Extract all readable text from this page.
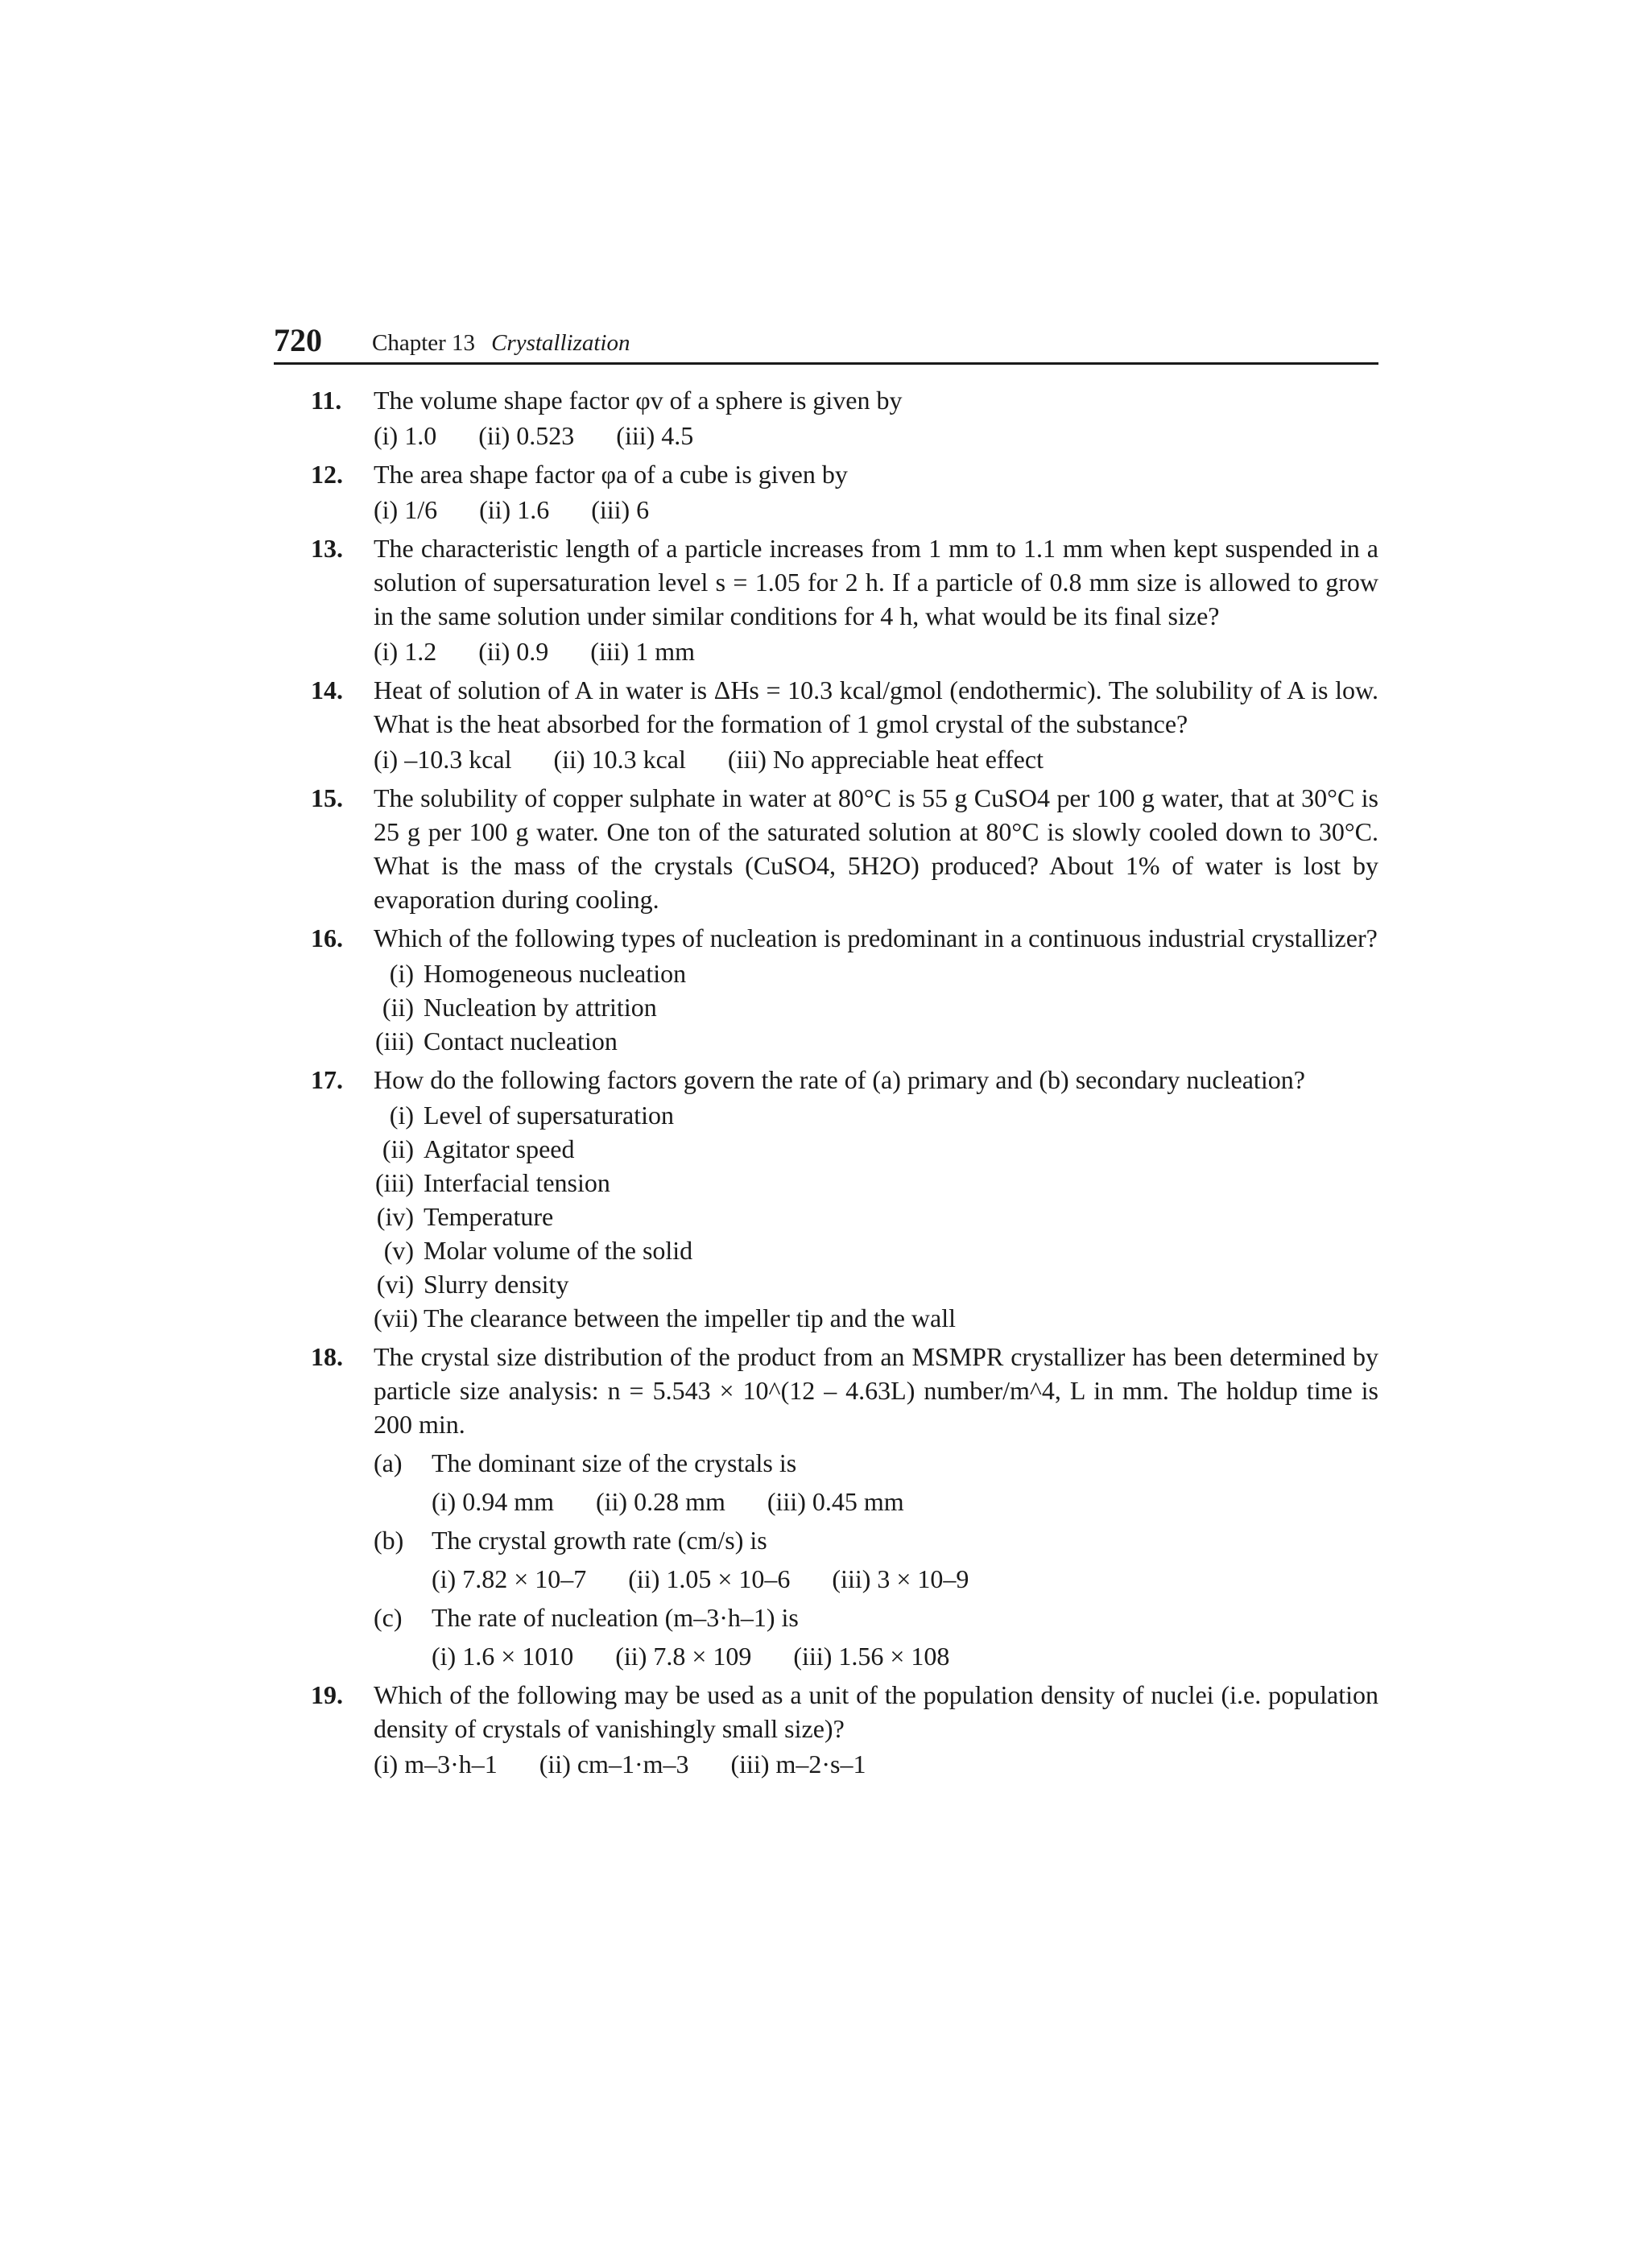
720 Chapter 13 Crystallization
11. The volume shape factor φv of a sphere is given by
(i) 1.0 (ii) 0.523 (iii) 4.5
12. The area shape factor φa of a cube is given by
(i) 1/6 (ii) 1.6 (iii) 6
13. The characteristic length of a particle increases from 1 mm to 1.1 mm when kept suspended in a solution of supersaturation level s = 1.05 for 2 h. If a particle of 0.8 mm size is allowed to grow in the same solution under similar conditions for 4 h, what would be its final size?
(i) 1.2 (ii) 0.9 (iii) 1 mm
14. Heat of solution of A in water is ΔHs = 10.3 kcal/gmol (endothermic). The solubility of A is low. What is the heat absorbed for the formation of 1 gmol crystal of the substance?
(i) –10.3 kcal (ii) 10.3 kcal (iii) No appreciable heat effect
15. The solubility of copper sulphate in water at 80°C is 55 g CuSO4 per 100 g water, that at 30°C is 25 g per 100 g water. One ton of the saturated solution at 80°C is slowly cooled down to 30°C. What is the mass of the crystals (CuSO4, 5H2O) produced? About 1% of water is lost by evaporation during cooling.
16. Which of the following types of nucleation is predominant in a continuous industrial crystallizer?
(i) Homogeneous nucleation
(ii) Nucleation by attrition
(iii) Contact nucleation
17. How do the following factors govern the rate of (a) primary and (b) secondary nucleation?
(i) Level of supersaturation
(ii) Agitator speed
(iii) Interfacial tension
(iv) Temperature
(v) Molar volume of the solid
(vi) Slurry density
(vii) The clearance between the impeller tip and the wall
18. The crystal size distribution of the product from an MSMPR crystallizer has been determined by particle size analysis: n = 5.543 × 10^(12 – 4.63L) number/m^4, L in mm. The holdup time is 200 min.
(a) The dominant size of the crystals is
(i) 0.94 mm (ii) 0.28 mm (iii) 0.45 mm
(b) The crystal growth rate (cm/s) is
(i) 7.82 × 10–7 (ii) 1.05 × 10–6 (iii) 3 × 10–9
(c) The rate of nucleation (m–3·h–1) is
(i) 1.6 × 1010 (ii) 7.8 × 109 (iii) 1.56 × 108
19. Which of the following may be used as a unit of the population density of nuclei (i.e. population density of crystals of vanishingly small size)?
(i) m–3·h–1 (ii) cm–1·m–3 (iii) m–2·s–1
